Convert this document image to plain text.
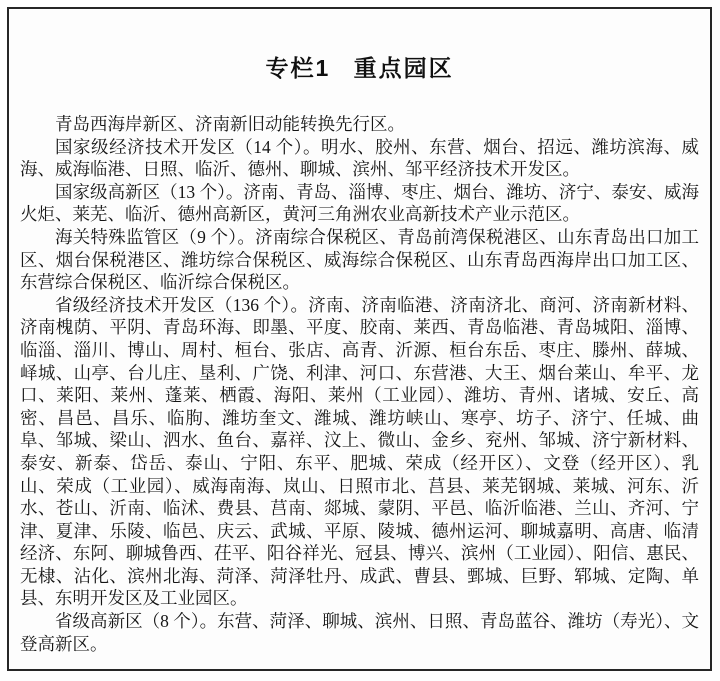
专栏1 重点园区

青岛西海岸新区、济南新旧动能转换先行区。

国家级经济技术开发区（14 个）。明水、胶州、东营、烟台、招远、潍坊滨海、威海、威海临港、日照、临沂、德州、聊城、滨州、邹平经济技术开发区。

国家级高新区（13 个）。济南、青岛、淄博、枣庄、烟台、潍坊、济宁、泰安、威海火炬、莱芜、临沂、德州高新区，黄河三角洲农业高新技术产业示范区。

海关特殊监管区（9 个）。济南综合保税区、青岛前湾保税港区、山东青岛出口加工区、烟台保税港区、潍坊综合保税区、威海综合保税区、山东青岛西海岸出口加工区、东营综合保税区、临沂综合保税区。

省级经济技术开发区（136 个）。济南、济南临港、济南济北、商河、济南新材料、济南槐荫、平阴、青岛环海、即墨、平度、胶南、莱西、青岛临港、青岛城阳、淄博、临淄、淄川、博山、周村、桓台、张店、高青、沂源、桓台东岳、枣庄、滕州、薛城、峄城、山亭、台儿庄、垦利、广饶、利津、河口、东营港、大王、烟台莱山、牟平、龙口、莱阳、莱州、蓬莱、栖霞、海阳、莱州（工业园）、潍坊、青州、诸城、安丘、高密、昌邑、昌乐、临朐、潍坊奎文、潍城、潍坊峡山、寒亭、坊子、济宁、任城、曲阜、邹城、梁山、泗水、鱼台、嘉祥、汶上、微山、金乡、兖州、邹城、济宁新材料、泰安、新泰、岱岳、泰山、宁阳、东平、肥城、荣成（经开区）、文登（经开区）、乳山、荣成（工业园）、威海南海、岚山、日照市北、莒县、莱芜钢城、莱城、河东、沂水、苍山、沂南、临沭、费县、莒南、郯城、蒙阴、平邑、临沂临港、兰山、齐河、宁津、夏津、乐陵、临邑、庆云、武城、平原、陵城、德州运河、聊城嘉明、高唐、临清经济、东阿、聊城鲁西、茌平、阳谷祥光、冠县、博兴、滨州（工业园）、阳信、惠民、无棣、沾化、滨州北海、菏泽、菏泽牡丹、成武、曹县、鄄城、巨野、郓城、定陶、单县、东明开发区及工业园区。

省级高新区（8 个）。东营、菏泽、聊城、滨州、日照、青岛蓝谷、潍坊（寿光）、文登高新区。
